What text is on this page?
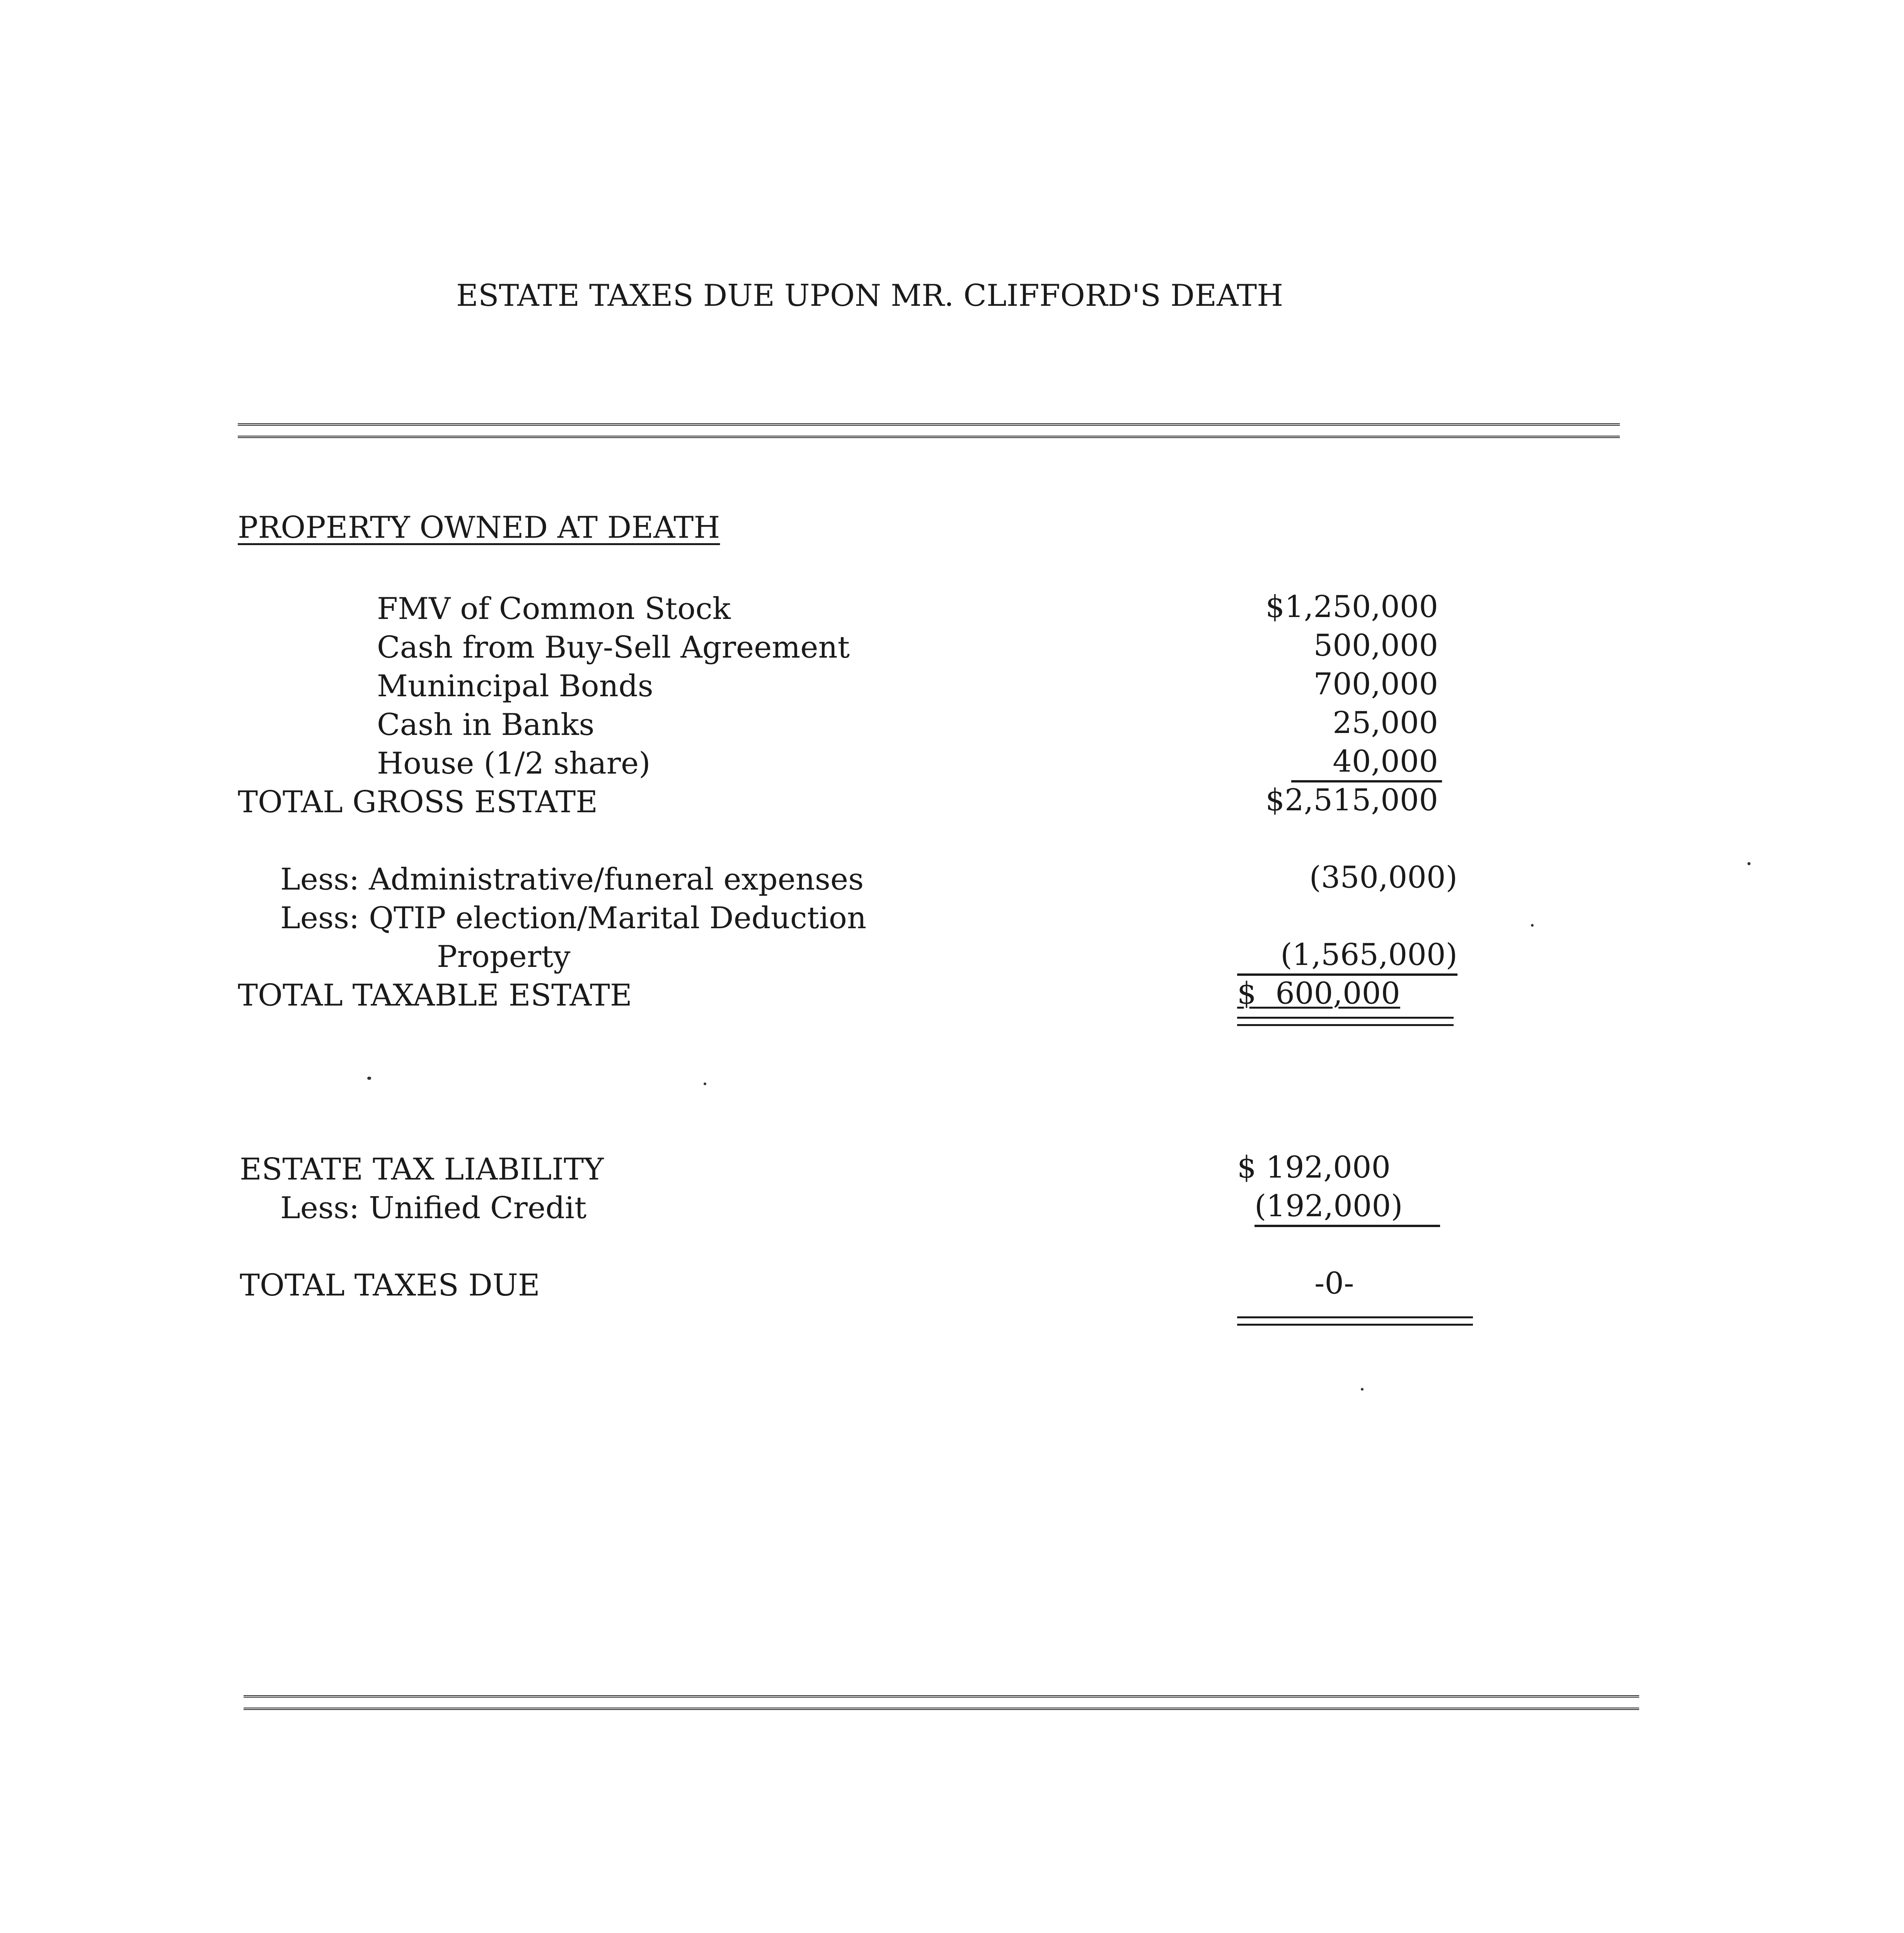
ESTATE TAXES DUE UPON MR. CLIFFORD'S DEATH
PROPERTY OWNED AT DEATH
FMV of Common Stock	$1,250,000
Cash from Buy-Sell Agreement	500,000
Munincipal Bonds	700,000
Cash in Banks	25,000
House (1/2 share)	40,000
TOTAL GROSS ESTATE	$2,515,000
Less: Administrative/funeral expenses	(350,000)
Less: QTIP election/Marital Deduction
Property	(1,565,000)
TOTAL TAXABLE ESTATE	$  600,000
ESTATE TAX LIABILITY	$ 192,000
Less: Unified Credit	(192,000)
TOTAL TAXES DUE	-0-
